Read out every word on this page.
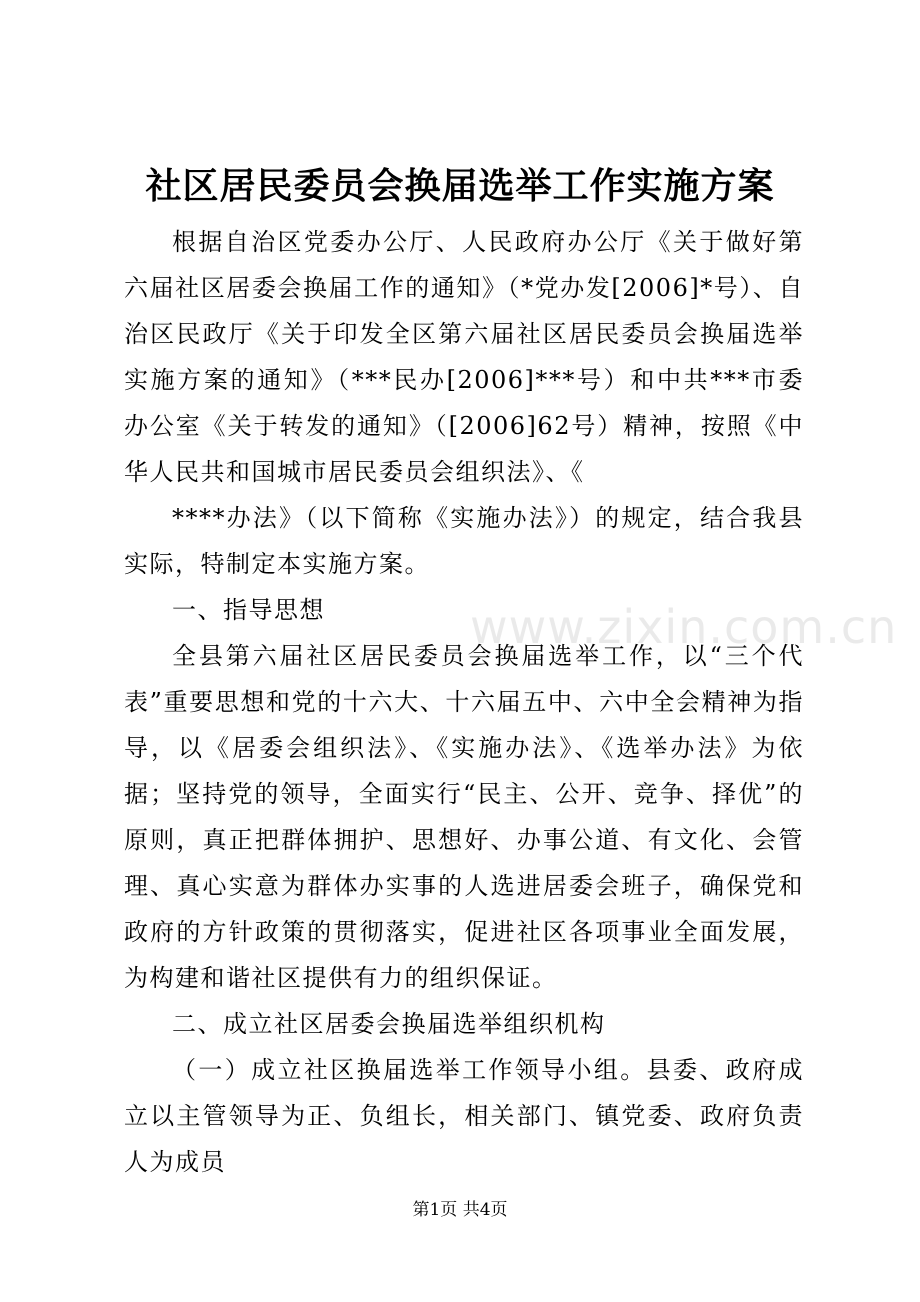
www.zixin.com.cn
社区居民委员会换届选举工作实施方案

根据自治区党委办公厅、人民政府办公厅《关于做好第六届社区居委会换届工作的通知》（*党办发[2006]*号）、自治区民政厅《关于印发全区第六届社区居民委员会换届选举实施方案的通知》（***民办[2006]***号）和中共***市委办公室《关于转发的通知》（[2006]62号）精神，按照《中华人民共和国城市居民委员会组织法》、《

****办法》（以下简称《实施办法》）的规定，结合我县实际，特制定本实施方案。

一、指导思想

全县第六届社区居民委员会换届选举工作，以“三个代表”重要思想和党的十六大、十六届五中、六中全会精神为指导，以《居委会组织法》、《实施办法》、《选举办法》为依据；坚持党的领导，全面实行“民主、公开、竞争、择优”的原则，真正把群体拥护、思想好、办事公道、有文化、会管理、真心实意为群体办实事的人选进居委会班子，确保党和政府的方针政策的贯彻落实，促进社区各项事业全面发展，为构建和谐社区提供有力的组织保证。

二、成立社区居委会换届选举组织机构

（一）成立社区换届选举工作领导小组。县委、政府成立以主管领导为正、负组长，相关部门、镇党委、政府负责人为成员

第1页 共4页
